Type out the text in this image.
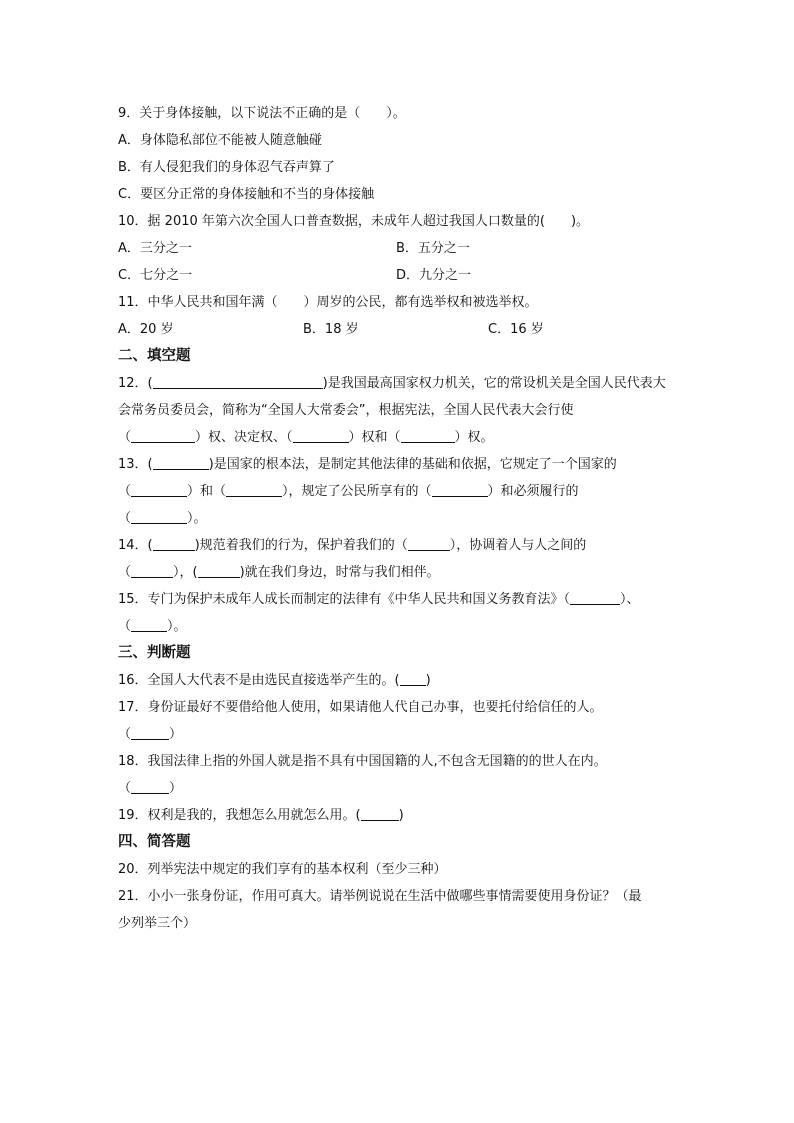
9．关于身体接触，以下说法不正确的是（　　）。
A．身体隐私部位不能被人随意触碰
B．有人侵犯我们的身体忍气吞声算了
C．要区分正常的身体接触和不当的身体接触
10．据 2010 年第六次全国人口普查数据，未成年人超过我国人口数量的(　　)。
A．三分之一	B．五分之一
C．七分之一	D．九分之一
11．中华人民共和国年满（　　）周岁的公民，都有选举权和被选举权。
A．20 岁	B．18 岁	C．16 岁
二、填空题
12．(	)是我国最高国家权力机关，它的常设机关是全国人民代表大
会常务员委员会，简称为“全国人大常委会”，根据宪法，全国人民代表大会行使
（	）权、决定权、（	）权和（	）权。
13．(	)是国家的根本法，是制定其他法律的基础和依据，它规定了一个国家的
（	）和（	），规定了公民所享有的（	）和必须履行的
（	）。
14．(	)规范着我们的行为，保护着我们的（	），协调着人与人之间的
（	），(	)就在我们身边，时常与我们相伴。
15．专门为保护未成年人成长而制定的法律有《中华人民共和国义务教育法》（	）、
（	）。
三、判断题
16．全国人大代表不是由选民直接选举产生的。( )
17．身份证最好不要借给他人使用，如果请他人代自己办事，也要托付给信任的人。
（	）
18．我国法律上指的外国人就是指不具有中国国籍的人,不包含无国籍的的世人在内。
（	）
19．权利是我的，我想怎么用就怎么用。(	)
四、简答题
20．列举宪法中规定的我们享有的基本权利（至少三种）
21．小小一张身份证，作用可真大。请举例说说在生活中做哪些事情需要使用身份证？（最
少列举三个）
